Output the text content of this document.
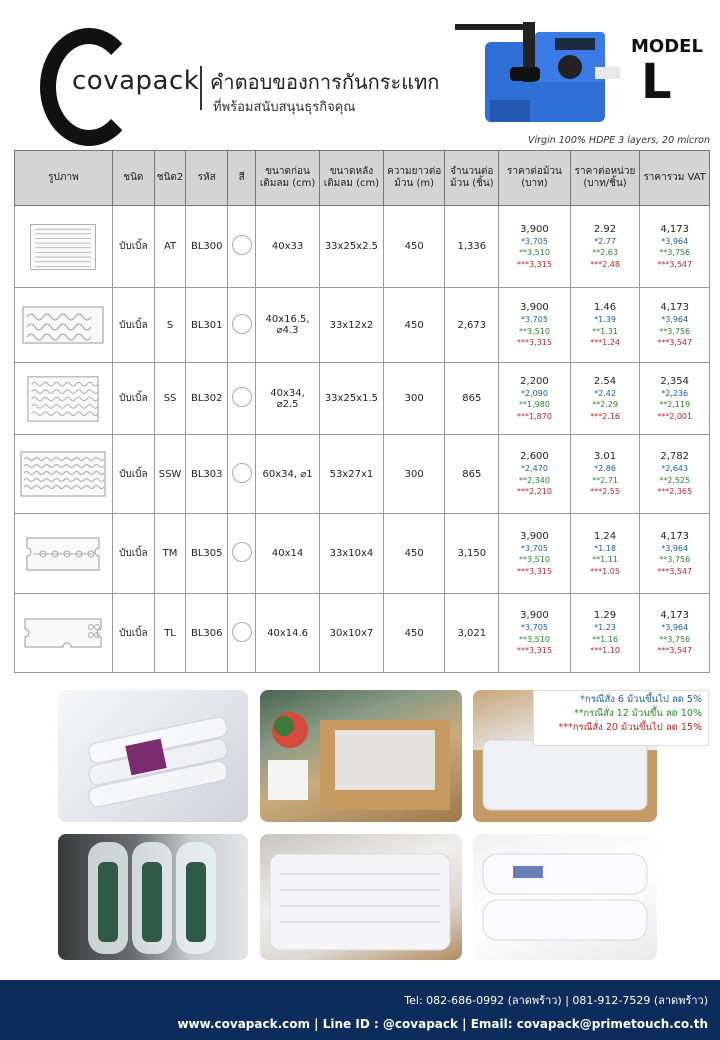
covapack คำตอบของการกันกระแทก
ที่พร้อมสนับสนุนธุรกิจคุณ
MODEL
L
Virgin 100% HDPE 3 layers, 20 micron
รูปภาพ	ชนิด	ชนิด2	รหัส	สี	ขนาดก่อนเติมลม (cm)	ขนาดหลังเติมลม (cm)	ความยาวต่อม้วน (m)	จำนวนต่อม้วน (ชิ้น)	ราคาต่อม้วน (บาท)	ราคาต่อหน่วย (บาท/ชิ้น)	ราคารวม VAT

	บับเบิ้ล	AT	BL300		40x33	33x25x2.5	450	1,336	3,900
*3,705
**3,510
***3,315	2.92
*2.77
**2.63
***2.48	4,173
*3,964
**3,756
***3,547

	บับเบิ้ล	S	BL301		40x16.5, ⌀4.3	33x12x2	450	2,673	3,900
*3,705
**3,510
***3,315	1.46
*1.39
**1.31
***1.24	4,173
*3,964
**3,756
***3,547

	บับเบิ้ล	SS	BL302		40x34, ⌀2.5	33x25x1.5	300	865	2,200
*2,090
**1,980
***1,870	2.54
*2.42
**2.29
***2.16	2,354
*2,236
**2,119
***2,001

	บับเบิ้ล	SSW	BL303		60x34, ⌀1	53x27x1	300	865	2,600
*2,470
**2,340
***2,210	3.01
*2.86
**2.71
***2.55	2,782
*2,643
**2,525
***2,365

	บับเบิ้ล	TM	BL305		40x14	33x10x4	450	3,150	3,900
*3,705
**3,510
***3,315	1.24
*1.18
**1.11
***1.05	4,173
*3,964
**3,756
***3,547

	บับเบิ้ล	TL	BL306		40x14.6	30x10x7	450	3,021	3,900
*3,705
**3,510
***3,315	1.29
*1.23
**1.16
***1.10	4,173
*3,964
**3,756
***3,547
*กรณีสั่ง 6 ม้วนขึ้นไป ลด 5%
**กรณีสั่ง 12 ม้วนขึ้น ลด 10%
***กรณีสั่ง 20 ม้วนขึ้นไป ลด 15%
Tel: 082-686-0992 (ลาดพร้าว) | 081-912-7529 (ลาดพร้าว)
www.covapack.com | Line ID : @covapack | Email: covapack@primetouch.co.th
